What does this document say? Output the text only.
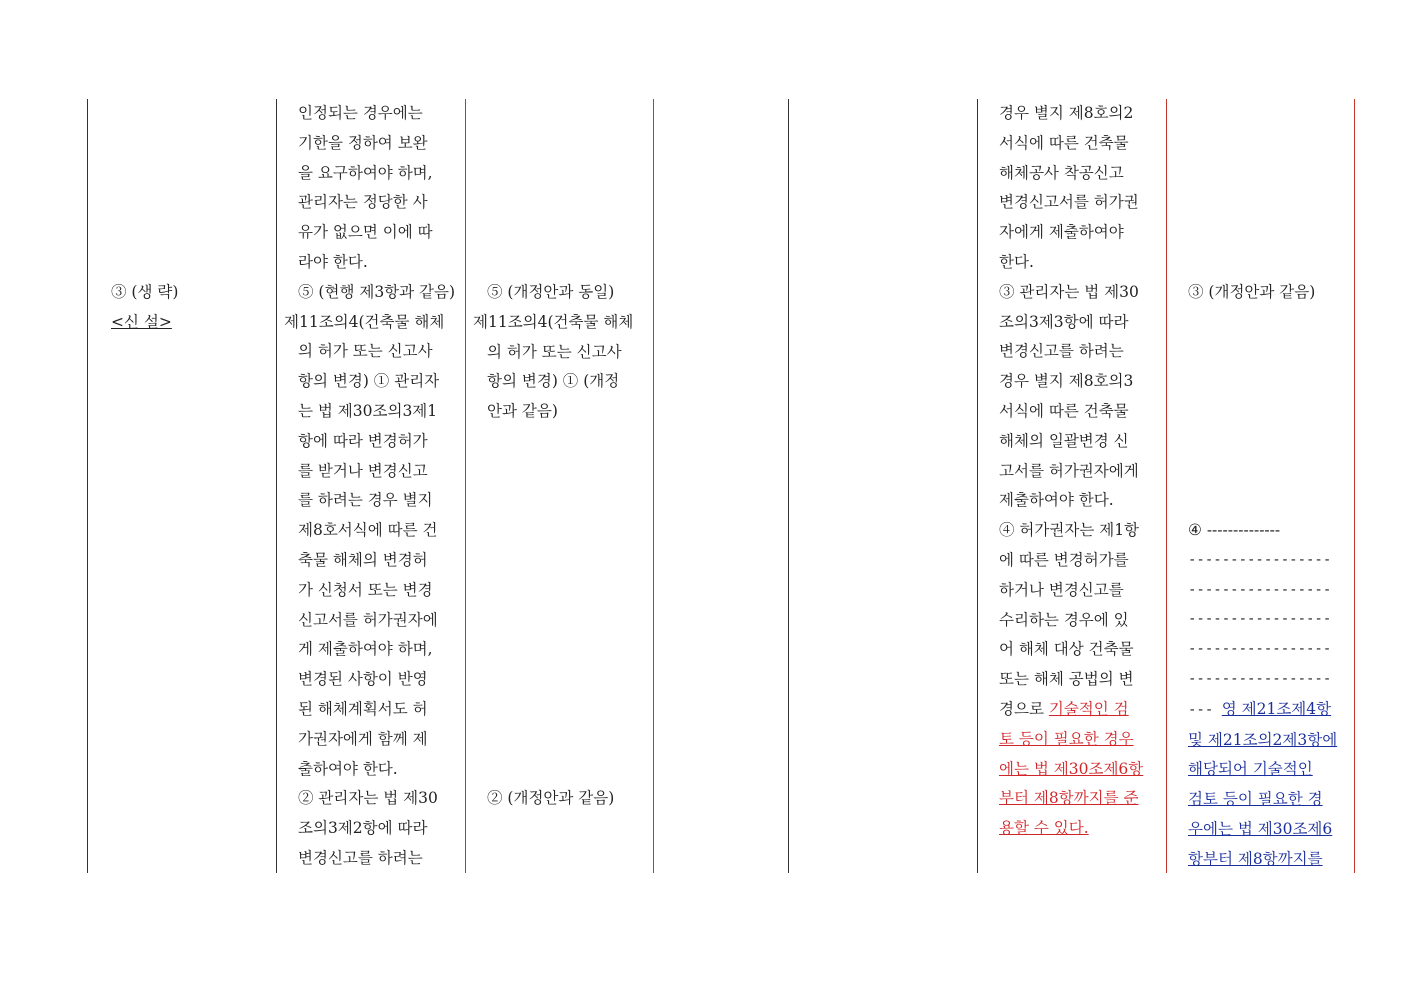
③ (생 략)
<신 설>
인정되는 경우에는
기한을 정하여 보완
을 요구하여야 하며,
관리자는 정당한 사
유가 없으면 이에 따
라야 한다.
⑤ (현행 제3항과 같음)
제11조의4(건축물 해체
의 허가 또는 신고사
항의 변경) ① 관리자
는 법 제30조의3제1
항에 따라 변경허가
를 받거나 변경신고
를 하려는 경우 별지
제8호서식에 따른 건
축물 해체의 변경허
가 신청서 또는 변경
신고서를 허가권자에
게 제출하여야 하며,
변경된 사항이 반영
된 해체계획서도 허
가권자에게 함께 제
출하여야 한다.
② 관리자는 법 제30
조의3제2항에 따라
변경신고를 하려는
⑤ (개정안과 동일)
제11조의4(건축물 해체
의 허가 또는 신고사
항의 변경) ① (개정
안과 같음)
② (개정안과 같음)
경우 별지 제8호의2
서식에 따른 건축물
해체공사 착공신고
변경신고서를 허가권
자에게 제출하여야
한다.
③ 관리자는 법 제30
조의3제3항에 따라
변경신고를 하려는
경우 별지 제8호의3
서식에 따른 건축물
해체의 일괄변경 신
고서를 허가권자에게
제출하여야 한다.
④ 허가권자는 제1항
에 따른 변경허가를
하거나 변경신고를
수리하는 경우에 있
어 해체 대상 건축물
또는 해체 공법의 변
경으로 기술적인 검
토 등이 필요한 경우
에는 법 제30조제6항
부터 제8항까지를 준
용할 수 있다.
③ (개정안과 같음)
④ --------------
-----------------
-----------------
-----------------
-----------------
-----------------
--- 영 제21조제4항
및 제21조의2제3항에
해당되어 기술적인
검토 등이 필요한 경
우에는 법 제30조제6
항부터 제8항까지를
